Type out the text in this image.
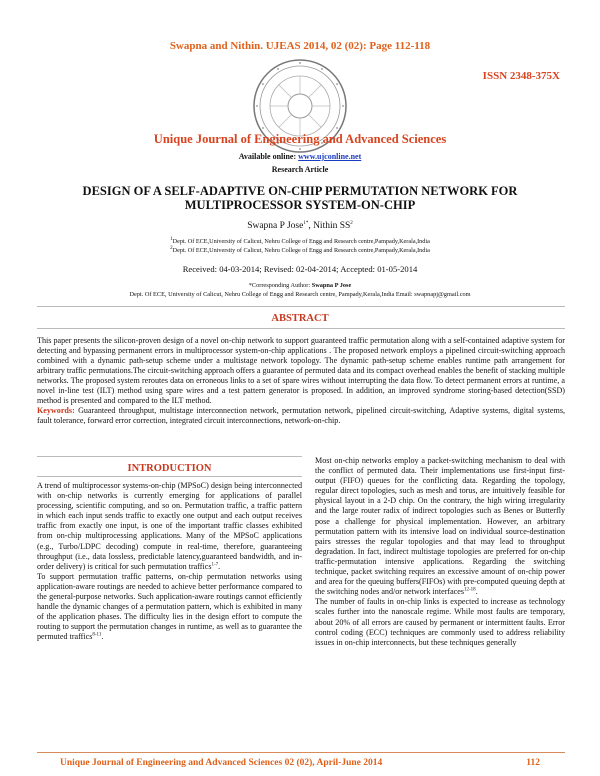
Swapna and Nithin. UJEAS 2014, 02 (02): Page 112-118
ISSN 2348-375X
Unique Journal of Engineering and Advanced Sciences
Available online: www.ujconline.net
Research Article
DESIGN OF A SELF-ADAPTIVE ON-CHIP PERMUTATION NETWORK FOR
MULTIPROCESSOR SYSTEM-ON-CHIP
Swapna P Jose$^{1*}$, Nithin $SS^2$
$^1$Dept. Of ECE,University of Calicut, Nehru College of Engg and Research centre,Pampady,Kerala,India
$^2$Dept. Of ECE,University of Calicut, Nehru College of Engg and Research centre,Pampady,Kerala,India
Received: 04-03-2014; Revised: 02-04-2014; Accepted: 01-05-2014
*Corresponding Author: Swapna P Jose
Dept. Of ECE, University of Calicut, Nehru College of Engg and Research centre, Pampady,Kerala,India Email: swapnapj@gmail.com
ABSTRACT
This paper presents the silicon-proven design of a novel on-chip network to support guaranteed traffic permutation along with a self-contained adaptive system for detecting and bypassing permanent errors in multiprocessor system-on-chip applications . The proposed network employs a pipelined circuit-switching approach combined with a dynamic path-setup scheme under a multistage network topology. The dynamic path-setup scheme enables runtime path arrangement for arbitrary traffic permutations.The circuit-switching approach offers a guarantee of permuted data and its compact overhead enables the benefit of stacking multiple networks. The proposed system reroutes data on erroneous links to a set of spare wires without interrupting the data flow. To detect permanent errors at runtime, a novel in-line test (ILT) method using spare wires and a test pattern generator is proposed. In addition, an improved syndrome storing-based detection(SSD) method is presented and compared to the ILT method.
Keywords: Guaranteed throughput, multistage interconnection network, permutation network, pipelined circuit-switching, Adaptive systems, digital systems, fault tolerance, forward error correction, integrated circuit interconnections, network-on-chip.
INTRODUCTION

A trend of multiprocessor systems-on-chip (MPSoC) design being interconnected with on-chip networks is currently emerging for applications of parallel processing, scientific computing, and so on. Permutation traffic, a traffic pattern in which each input sends traffic to exactly one output and each output receives traffic from exactly one input, is one of the important traffic classes exhibited from on-chip multiprocessing applications. Many of the MPSoC applications (e.g., Turbo/LDPC decoding) compute in real-time, therefore, guaranteeing throughput (i.e., data lossless, predictable latency,guaranteed bandwidth, and in-order delivery) is critical for such permutation traffics$^{1-7}$.

To support permutation traffic patterns, on-chip permutation networks using application-aware routings are needed to achieve better performance compared to the general-purpose networks. Such application-aware routings cannot efficiently handle the dynamic changes of a permutation pattern, which is exhibited in many of the application phases. The difficulty lies in the design effort to compute the routing to support the permutation changes in runtime, as well as to guarantee the permuted traffics$^{8-11}$.

Most on-chip networks employ a packet-switching mechanism to deal with the conflict of permuted data. Their implementations use first-input first-output (FIFO) queues for the conflicting data. Regarding the topology, regular direct topologies, such as mesh and torus, are intuitively feasible for physical layout in a 2-D chip. On the contrary, the high wiring irregularity and the large router radix of indirect topologies such as Benes or Butterfly pose a challenge for physical implementation. However, an arbitrary permutation pattern with its intensive load on individual source-destination pairs stresses the regular topologies and that may lead to throughput degradation. In fact, indirect multistage topologies are preferred for on-chip traffic-permutation intensive applications. Regarding the switching technique, packet switching requires an excessive amount of on-chip power and area for the queuing buffers(FIFOs) with pre-computed queuing depth at the switching nodes and/or network interfaces$^{12-18}$.

The number of faults in on-chip links is expected to increase as technology scales further into the nanoscale regime. While most faults are temporary, about 20% of all errors are caused by permanent or intermittent faults. Error control coding (ECC) techniques are commonly used to address reliability issues in on-chip interconnects, but these techniques generally

Unique Journal of Engineering and Advanced Sciences 02 (02), April-June 2014	112
